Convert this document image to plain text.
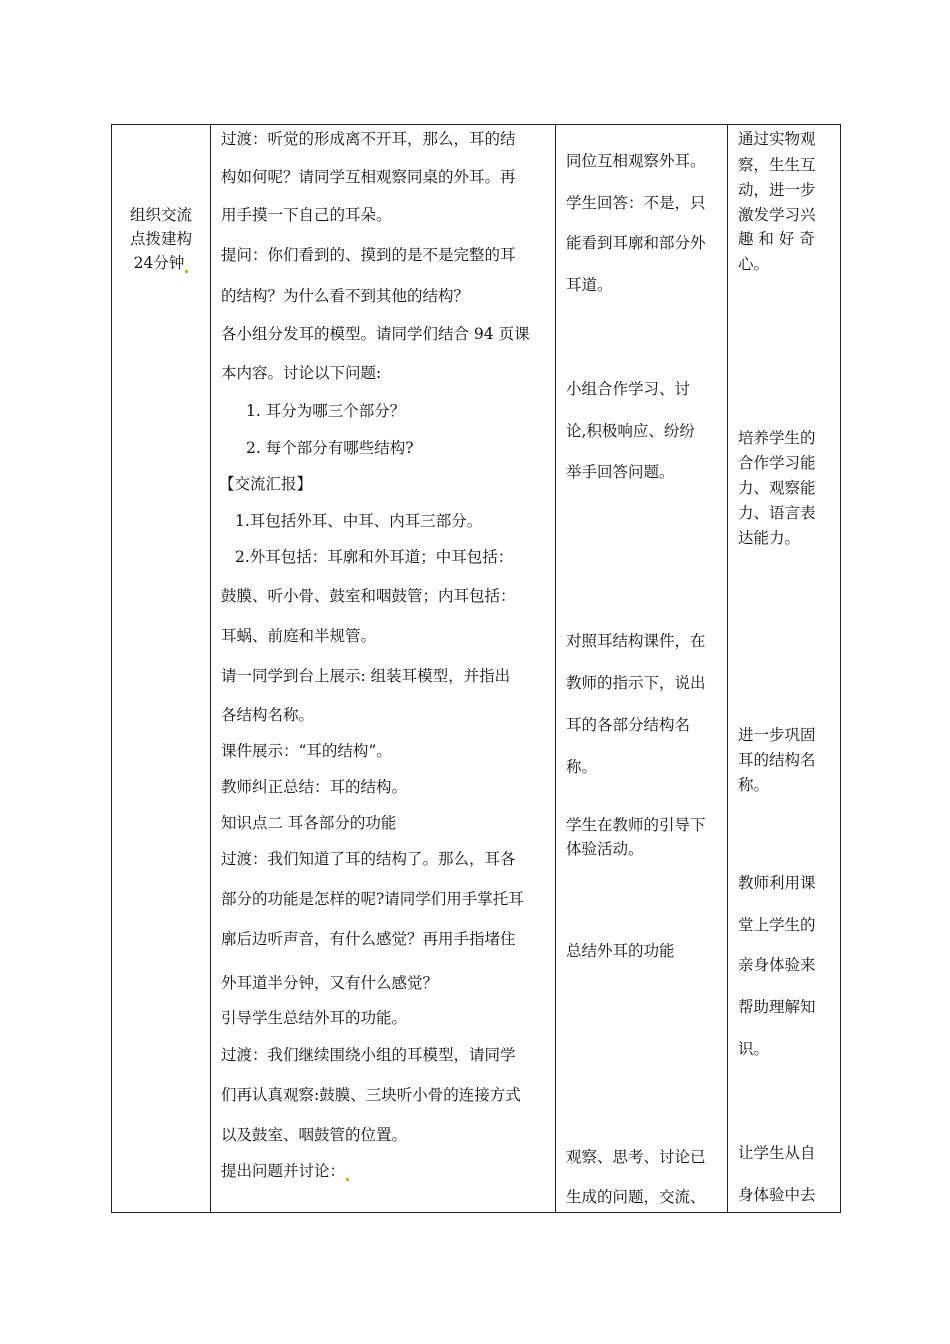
组织交流
点拨建构
24分钟

过渡：听觉的形成离不开耳，那么，耳的结
构如何呢？请同学互相观察同桌的外耳。再
用手摸一下自己的耳朵。
提问：你们看到的、摸到的是不是完整的耳
的结构？为什么看不到其他的结构？
各小组分发耳的模型。请同学们结合 94 页课
本内容。讨论以下问题:
1. 耳分为哪三个部分？
2. 每个部分有哪些结构?
【交流汇报】
1.耳包括外耳、中耳、内耳三部分。
2.外耳包括：耳廓和外耳道；中耳包括：
鼓膜、听小骨、鼓室和咽鼓管；内耳包括：
耳蜗、前庭和半规管。
请一同学到台上展示: 组装耳模型，并指出
各结构名称。
课件展示：“耳的结构”。
教师纠正总结：耳的结构。
知识点二 耳各部分的功能
过渡：我们知道了耳的结构了。那么，耳各
部分的功能是怎样的呢?请同学们用手掌托耳
廓后边听声音，有什么感觉？再用手指堵住
外耳道半分钟，又有什么感觉？
引导学生总结外耳的功能。
过渡：我们继续围绕小组的耳模型，请同学
们再认真观察:鼓膜、三块听小骨的连接方式
以及鼓室、咽鼓管的位置。
提出问题并讨论：

同位互相观察外耳。
学生回答：不是，只
能看到耳廓和部分外
耳道。
小组合作学习、讨
论,积极响应、纷纷
举手回答问题。
对照耳结构课件，在
教师的指示下，说出
耳的各部分结构名
称。
学生在教师的引导下
体验活动。
总结外耳的功能
观察、思考、讨论已
生成的问题，交流、

通过实物观
察，生生互
动，进一步
激发学习兴
趣 和 好 奇
心。
培养学生的
合作学习能
力、观察能
力、语言表
达能力。
进一步巩固
耳的结构名
称。
教师利用课
堂上学生的
亲身体验来
帮助理解知
识。
让学生从自
身体验中去
